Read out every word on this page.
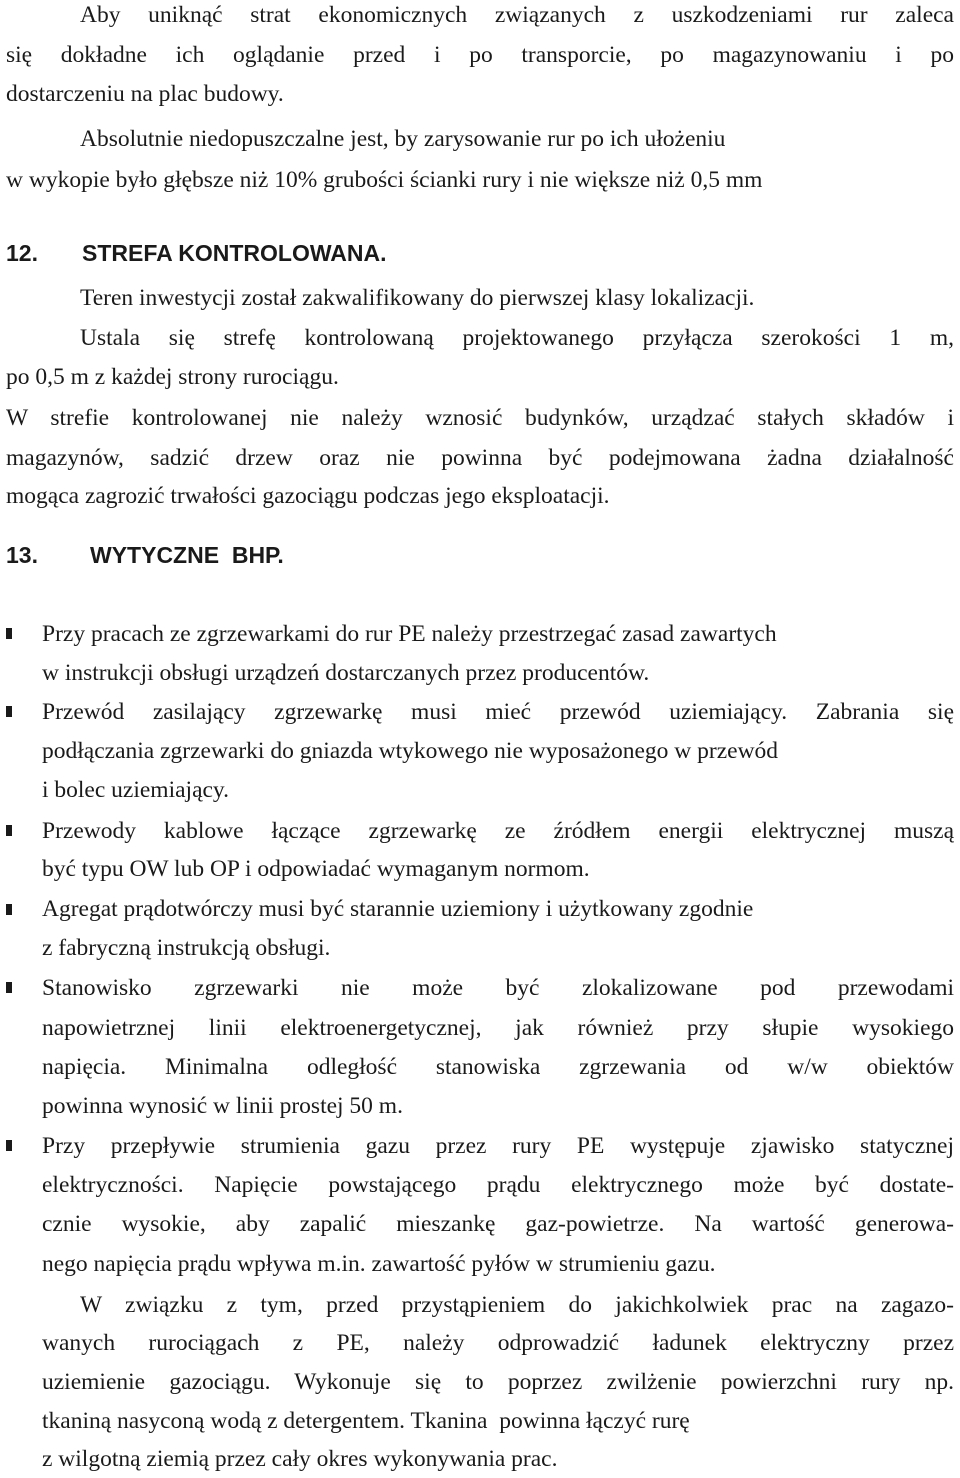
Aby uniknąć strat ekonomicznych związanych z uszkodzeniami rur zaleca
się dokładne ich oglądanie przed i po transporcie, po magazynowaniu i po
dostarczeniu na plac budowy.
Absolutnie niedopuszczalne jest, by zarysowanie rur po ich ułożeniu
w wykopie było głębsze niż 10% grubości ścianki rury i nie większe niż 0,5 mm
12. STREFA KONTROLOWANA.
Teren inwestycji został zakwalifikowany do pierwszej klasy lokalizacji.
Ustala się strefę kontrolowaną projektowanego przyłącza szerokości 1 m,
po 0,5 m z każdej strony rurociągu.
W strefie kontrolowanej nie należy wznosić budynków, urządzać stałych składów i
magazynów, sadzić drzew oraz nie powinna być podejmowana żadna działalność
mogąca zagrozić trwałości gazociągu podczas jego eksploatacji.
13. WYTYCZNE  BHP.
Przy pracach ze zgrzewarkami do rur PE należy przestrzegać zasad zawartych
w instrukcji obsługi urządzeń dostarczanych przez producentów.
Przewód zasilający zgrzewarkę musi mieć przewód uziemiający. Zabrania się
podłączania zgrzewarki do gniazda wtykowego nie wyposażonego w przewód
i bolec uziemiający.
Przewody kablowe łączące zgrzewarkę ze źródłem energii elektrycznej muszą
być typu OW lub OP i odpowiadać wymaganym normom.
Agregat prądotwórczy musi być starannie uziemiony i użytkowany zgodnie
z fabryczną instrukcją obsługi.
Stanowisko zgrzewarki nie może być zlokalizowane pod przewodami
napowietrznej linii elektroenergetycznej, jak również przy słupie wysokiego
napięcia. Minimalna odległość stanowiska zgrzewania od w/w obiektów
powinna wynosić w linii prostej 50 m.
Przy przepływie strumienia gazu przez rury PE występuje zjawisko statycznej
elektryczności. Napięcie powstającego prądu elektrycznego może być dostate-
cznie wysokie, aby zapalić mieszankę gaz-powietrze. Na wartość generowa-
nego napięcia prądu wpływa m.in. zawartość pyłów w strumieniu gazu.
W związku z tym, przed przystąpieniem do jakichkolwiek prac na zagazo-
wanych rurociągach z PE, należy odprowadzić ładunek elektryczny przez
uziemienie gazociągu. Wykonuje się to poprzez zwilżenie powierzchni rury np.
tkaniną nasyconą wodą z detergentem. Tkanina  powinna łączyć rurę
z wilgotną ziemią przez cały okres wykonywania prac.
